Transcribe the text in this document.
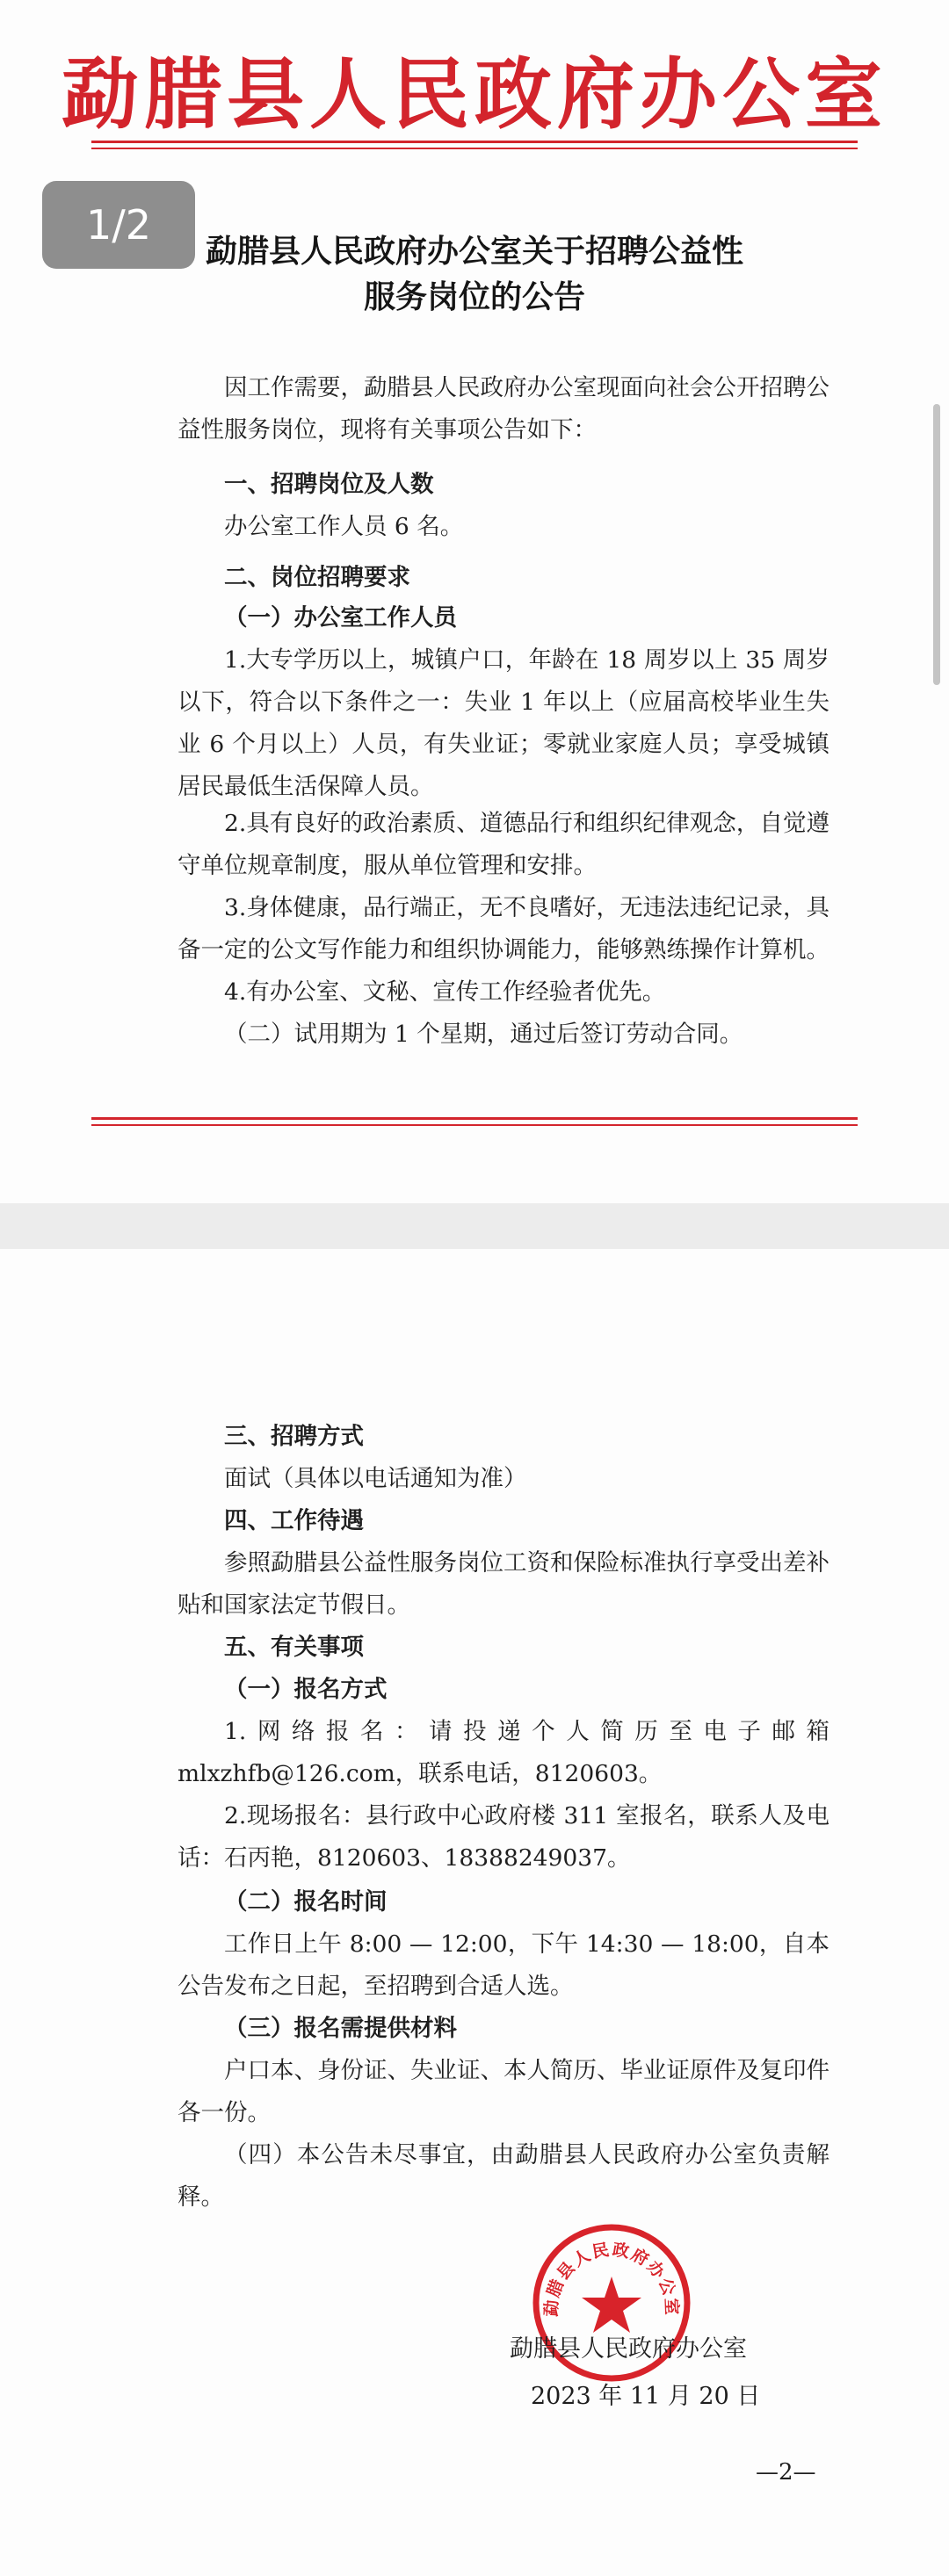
勐腊县人民政府办公室
1/2
勐腊县人民政府办公室关于招聘公益性
服务岗位的公告
因工作需要，勐腊县人民政府办公室现面向社会公开招聘公益性服务岗位，现将有关事项公告如下：
一、招聘岗位及人数
办公室工作人员 6 名。
二、岗位招聘要求
（一）办公室工作人员
1.大专学历以上，城镇户口，年龄在 18 周岁以上 35 周岁以下，符合以下条件之一：失业 1 年以上（应届高校毕业生失业 6 个月以上）人员，有失业证；零就业家庭人员；享受城镇居民最低生活保障人员。
2.具有良好的政治素质、道德品行和组织纪律观念，自觉遵守单位规章制度，服从单位管理和安排。
3.身体健康，品行端正，无不良嗜好，无违法违纪记录，具备一定的公文写作能力和组织协调能力，能够熟练操作计算机。
4.有办公室、文秘、宣传工作经验者优先。
（二）试用期为 1 个星期，通过后签订劳动合同。
三、招聘方式
面试（具体以电话通知为准）
四、工作待遇
参照勐腊县公益性服务岗位工资和保险标准执行享受出差补贴和国家法定节假日。
五、有关事项
（一）报名方式
1.网络报名：请投递个人简历至电子邮箱 mlxzhfb@126.com，联系电话，8120603。
2.现场报名：县行政中心政府楼 311 室报名，联系人及电话：石丙艳，8120603、18388249037。
（二）报名时间
工作日上午 8:00 — 12:00，下午 14:30 — 18:00，自本公告发布之日起，至招聘到合适人选。
（三）报名需提供材料
户口本、身份证、失业证、本人简历、毕业证原件及复印件各一份。
（四）本公告未尽事宜，由勐腊县人民政府办公室负责解释。
勐腊县人民政府办公室
勐腊县人民政府办公室
2023 年 11 月 20 日
—2—
